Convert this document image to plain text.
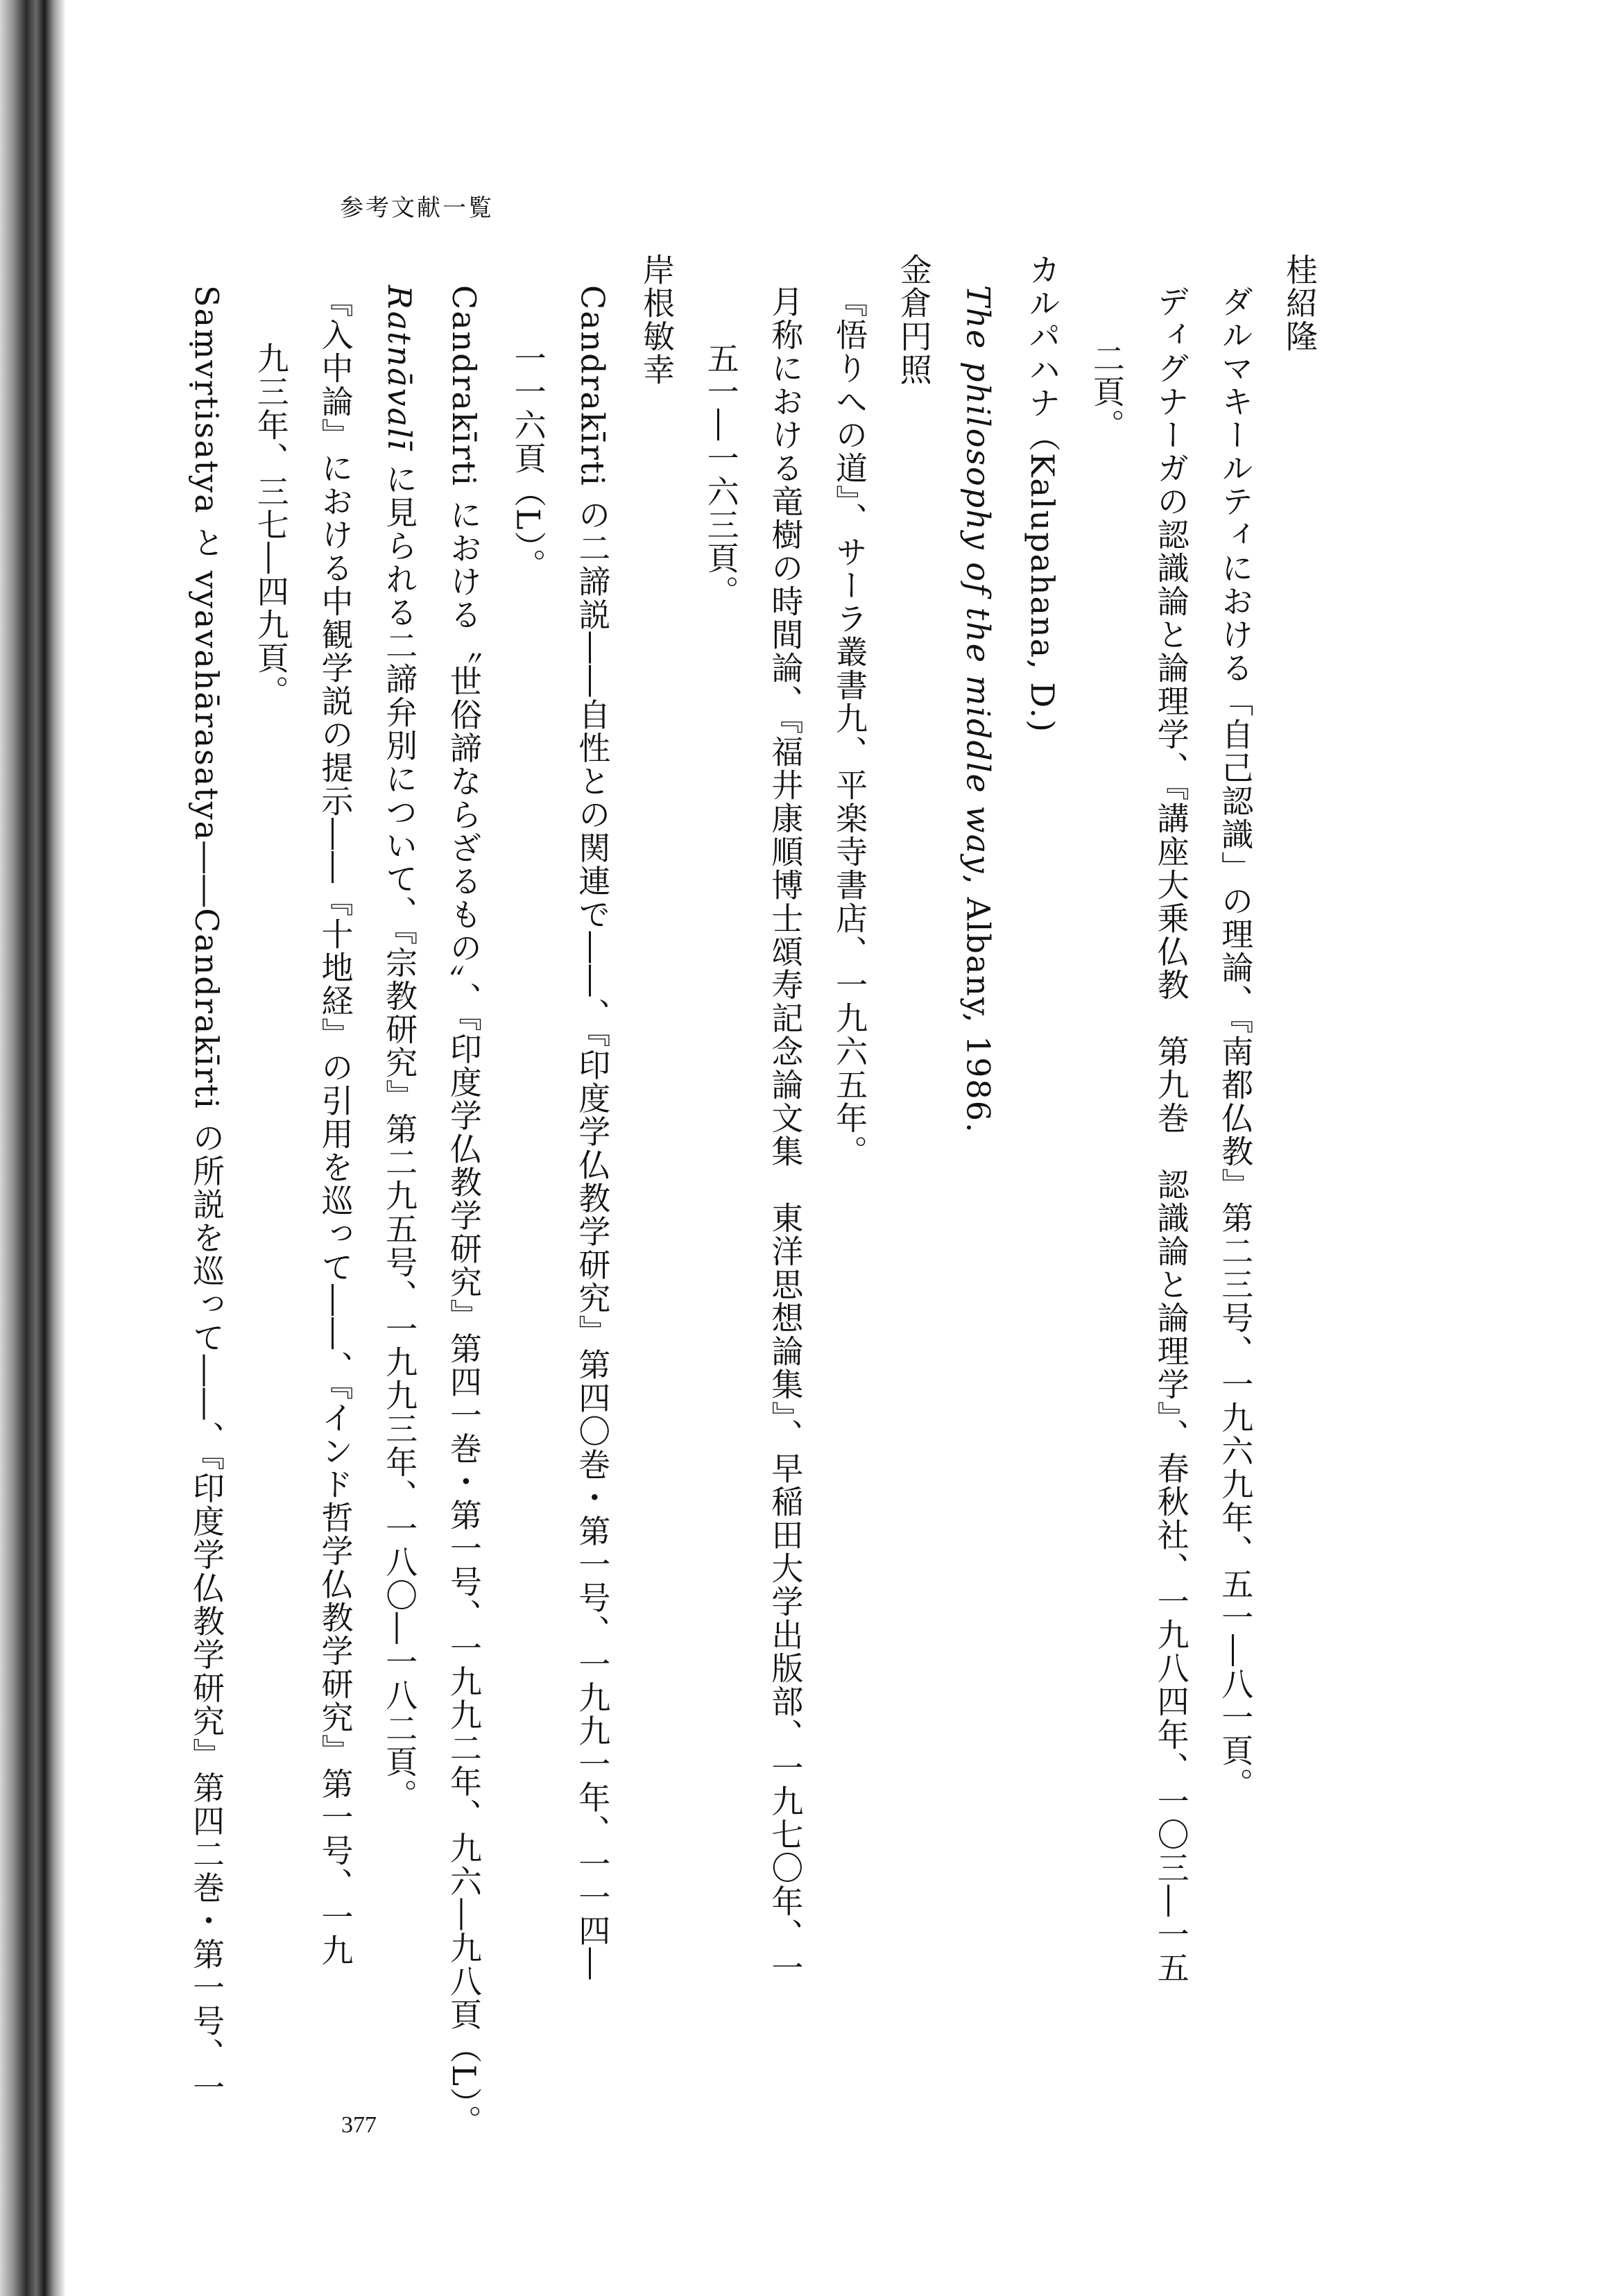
参考文献一覧
桂紹隆
ダルマキールティにおける「自己認識」の理論、『南都仏教』第二三号、一九六九年、五一―八一頁。
ディグナーガの認識論と論理学、『講座大乗仏教　第九巻　認識論と論理学』、春秋社、一九八四年、一〇三―一五
二頁。
カルパハナ（Kalupahana, D.)
The philosophy of the middle way, Albany, 1986.
金倉円照
『悟りへの道』、サーラ叢書九、平楽寺書店、一九六五年。
月称における竜樹の時間論、『福井康順博士頌寿記念論文集　東洋思想論集』、早稲田大学出版部、一九七〇年、一
五一―一六三頁。
岸根敏幸
Candrakīrti の二諦説――自性との関連で――、『印度学仏教学研究』第四〇巻・第一号、一九九一年、一一四―
一一六頁（L）。
Candrakīrti における〝世俗諦ならざるもの〟、『印度学仏教学研究』第四一巻・第一号、一九九二年、九六―九八頁（L）。
Ratnāvalī に見られる二諦弁別について、『宗教研究』第二九五号、一九九三年、一八〇―一八二頁。
『入中論』における中観学説の提示――『十地経』の引用を巡って――、『インド哲学仏教学研究』第一号、一九
九三年、三七―四九頁。
Saṃvṛtisatya と vyavahārasatya――Candrakīrti の所説を巡って――、『印度学仏教学研究』第四二巻・第一号、一
377
